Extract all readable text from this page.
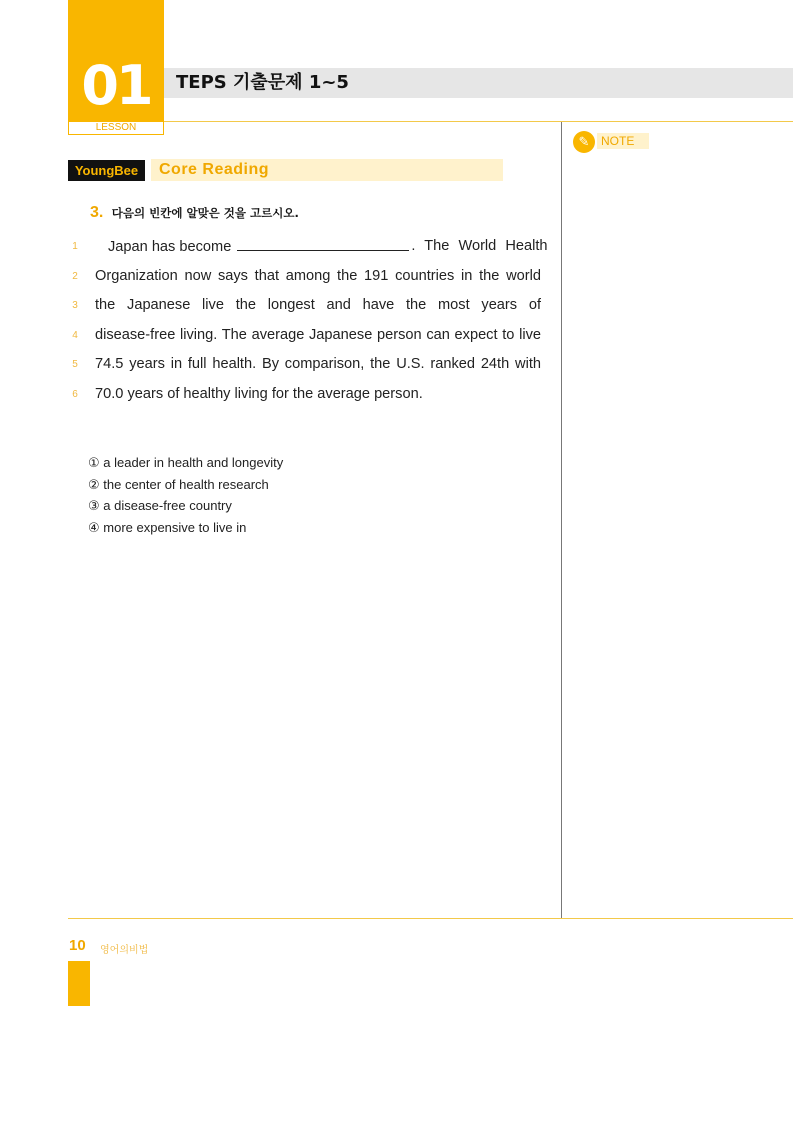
01
LESSON
TEPS 기출문제 1~5
✎ NOTE
YoungBee	Core Reading
3. 다음의 빈칸에 알맞은 것을 고르시오.
1
2
3
4
5
6
Japan has become	. The World Health
Organization now says that among the 191 countries in the world
the Japanese live the longest and have the most years of
disease-free living. The average Japanese person can expect to live
74.5 years in full health. By comparison, the U.S. ranked 24th with
70.0 years of healthy living for the average person.
① a leader in health and longevity
② the center of health research
③ a disease-free country
④ more expensive to live in
10 영어의비법
